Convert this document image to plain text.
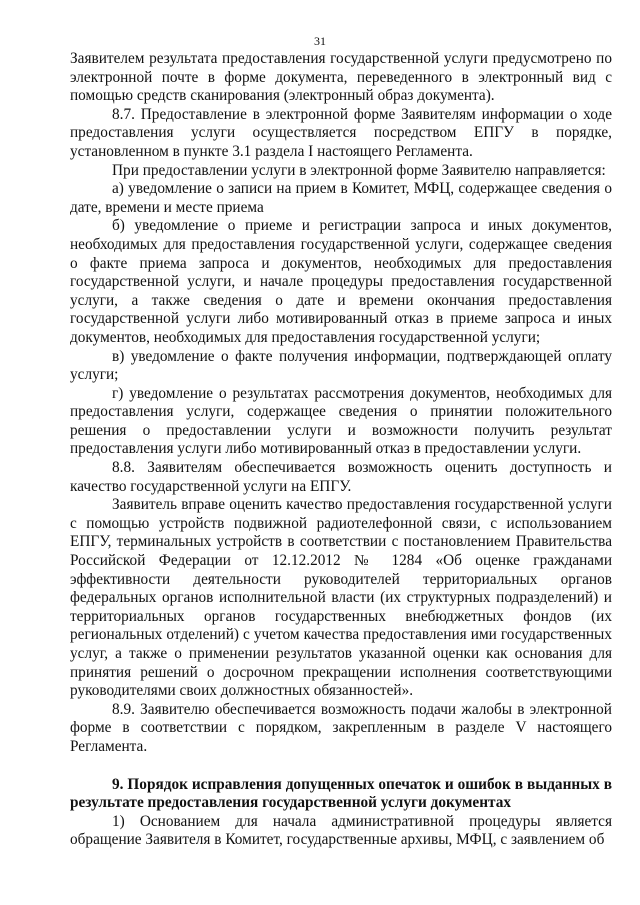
31

Заявителем результата предоставления государственной услуги предусмотрено по электронной почте в форме документа, переведенного в электронный вид с помощью средств сканирования (электронный образ документа).

8.7. Предоставление в электронной форме Заявителям информации о ходе предоставления услуги осуществляется посредством ЕПГУ в порядке, установленном в пункте 3.1 раздела I настоящего Регламента.

При предоставлении услуги в электронной форме Заявителю направляется:

а) уведомление о записи на прием в Комитет, МФЦ, содержащее сведения о дате, времени и месте приема

б) уведомление о приеме и регистрации запроса и иных документов, необходимых для предоставления государственной услуги, содержащее сведения о факте приема запроса и документов, необходимых для предоставления государственной услуги, и начале процедуры предоставления государственной услуги, а также сведения о дате и времени окончания предоставления государственной услуги либо мотивированный отказ в приеме запроса и иных документов, необходимых для предоставления государственной услуги;

в) уведомление о факте получения информации, подтверждающей оплату услуги;

г) уведомление о результатах рассмотрения документов, необходимых для предоставления услуги, содержащее сведения о принятии положительного решения о предоставлении услуги и возможности получить результат предоставления услуги либо мотивированный отказ в предоставлении услуги.

8.8. Заявителям обеспечивается возможность оценить доступность и качество государственной услуги на ЕПГУ.

Заявитель вправе оценить качество предоставления государственной услуги с помощью устройств подвижной радиотелефонной связи, с использованием ЕПГУ, терминальных устройств в соответствии с постановлением Правительства Российской Федерации от 12.12.2012 № 1284 «Об оценке гражданами эффективности деятельности руководителей территориальных органов федеральных органов исполнительной власти (их структурных подразделений) и территориальных органов государственных внебюджетных фондов (их региональных отделений) с учетом качества предоставления ими государственных услуг, а также о применении результатов указанной оценки как основания для принятия решений о досрочном прекращении исполнения соответствующими руководителями своих должностных обязанностей».

8.9. Заявителю обеспечивается возможность подачи жалобы в электронной форме в соответствии с порядком, закрепленным в разделе V настоящего Регламента.

9. Порядок исправления допущенных опечаток и ошибок в выданных в результате предоставления государственной услуги документах

1) Основанием для начала административной процедуры является обращение Заявителя в Комитет, государственные архивы, МФЦ, с заявлением об
